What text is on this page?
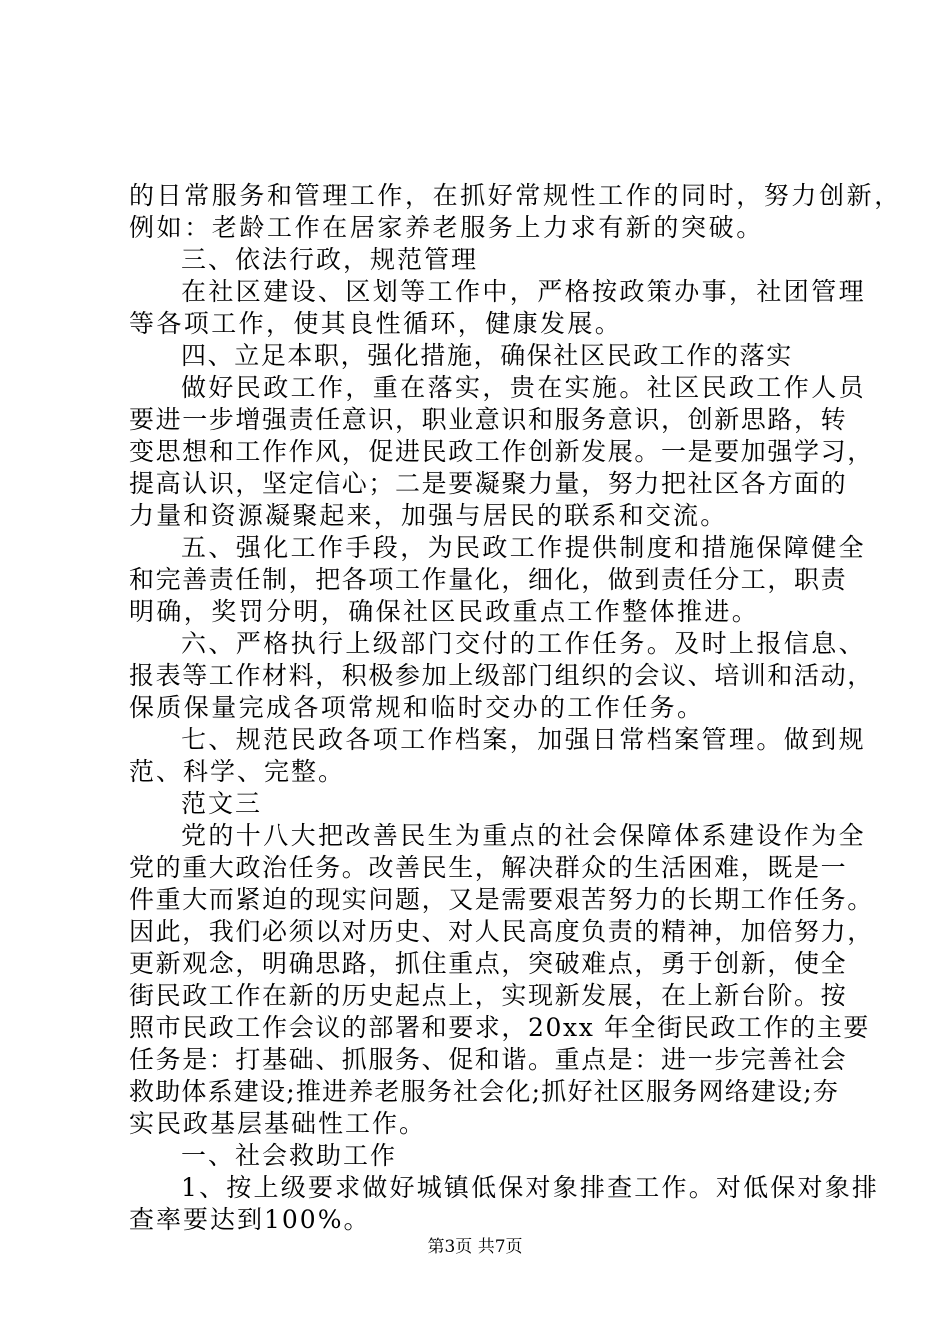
的日常服务和管理工作，在抓好常规性工作的同时，努力创新，
例如：老龄工作在居家养老服务上力求有新的突破。
三、依法行政，规范管理
在社区建设、区划等工作中，严格按政策办事，社团管理
等各项工作，使其良性循环，健康发展。
四、立足本职，强化措施，确保社区民政工作的落实
做好民政工作，重在落实，贵在实施。社区民政工作人员
要进一步增强责任意识，职业意识和服务意识，创新思路，转
变思想和工作作风，促进民政工作创新发展。一是要加强学习，
提高认识，坚定信心；二是要凝聚力量，努力把社区各方面的
力量和资源凝聚起来，加强与居民的联系和交流。
五、强化工作手段，为民政工作提供制度和措施保障健全
和完善责任制，把各项工作量化，细化，做到责任分工，职责
明确，奖罚分明，确保社区民政重点工作整体推进。
六、严格执行上级部门交付的工作任务。及时上报信息、
报表等工作材料，积极参加上级部门组织的会议、培训和活动，
保质保量完成各项常规和临时交办的工作任务。
七、规范民政各项工作档案，加强日常档案管理。做到规
范、科学、完整。
范文三
党的十八大把改善民生为重点的社会保障体系建设作为全
党的重大政治任务。改善民生，解决群众的生活困难，既是一
件重大而紧迫的现实问题，又是需要艰苦努力的长期工作任务。
因此，我们必须以对历史、对人民高度负责的精神，加倍努力，
更新观念，明确思路，抓住重点，突破难点，勇于创新，使全
街民政工作在新的历史起点上，实现新发展，在上新台阶。按
照市民政工作会议的部署和要求，20xx 年全街民政工作的主要
任务是：打基础、抓服务、促和谐。重点是：进一步完善社会
救助体系建设;推进养老服务社会化;抓好社区服务网络建设;夯
实民政基层基础性工作。
一、社会救助工作
1、按上级要求做好城镇低保对象排查工作。对低保对象排
查率要达到100%。
第3页 共7页
